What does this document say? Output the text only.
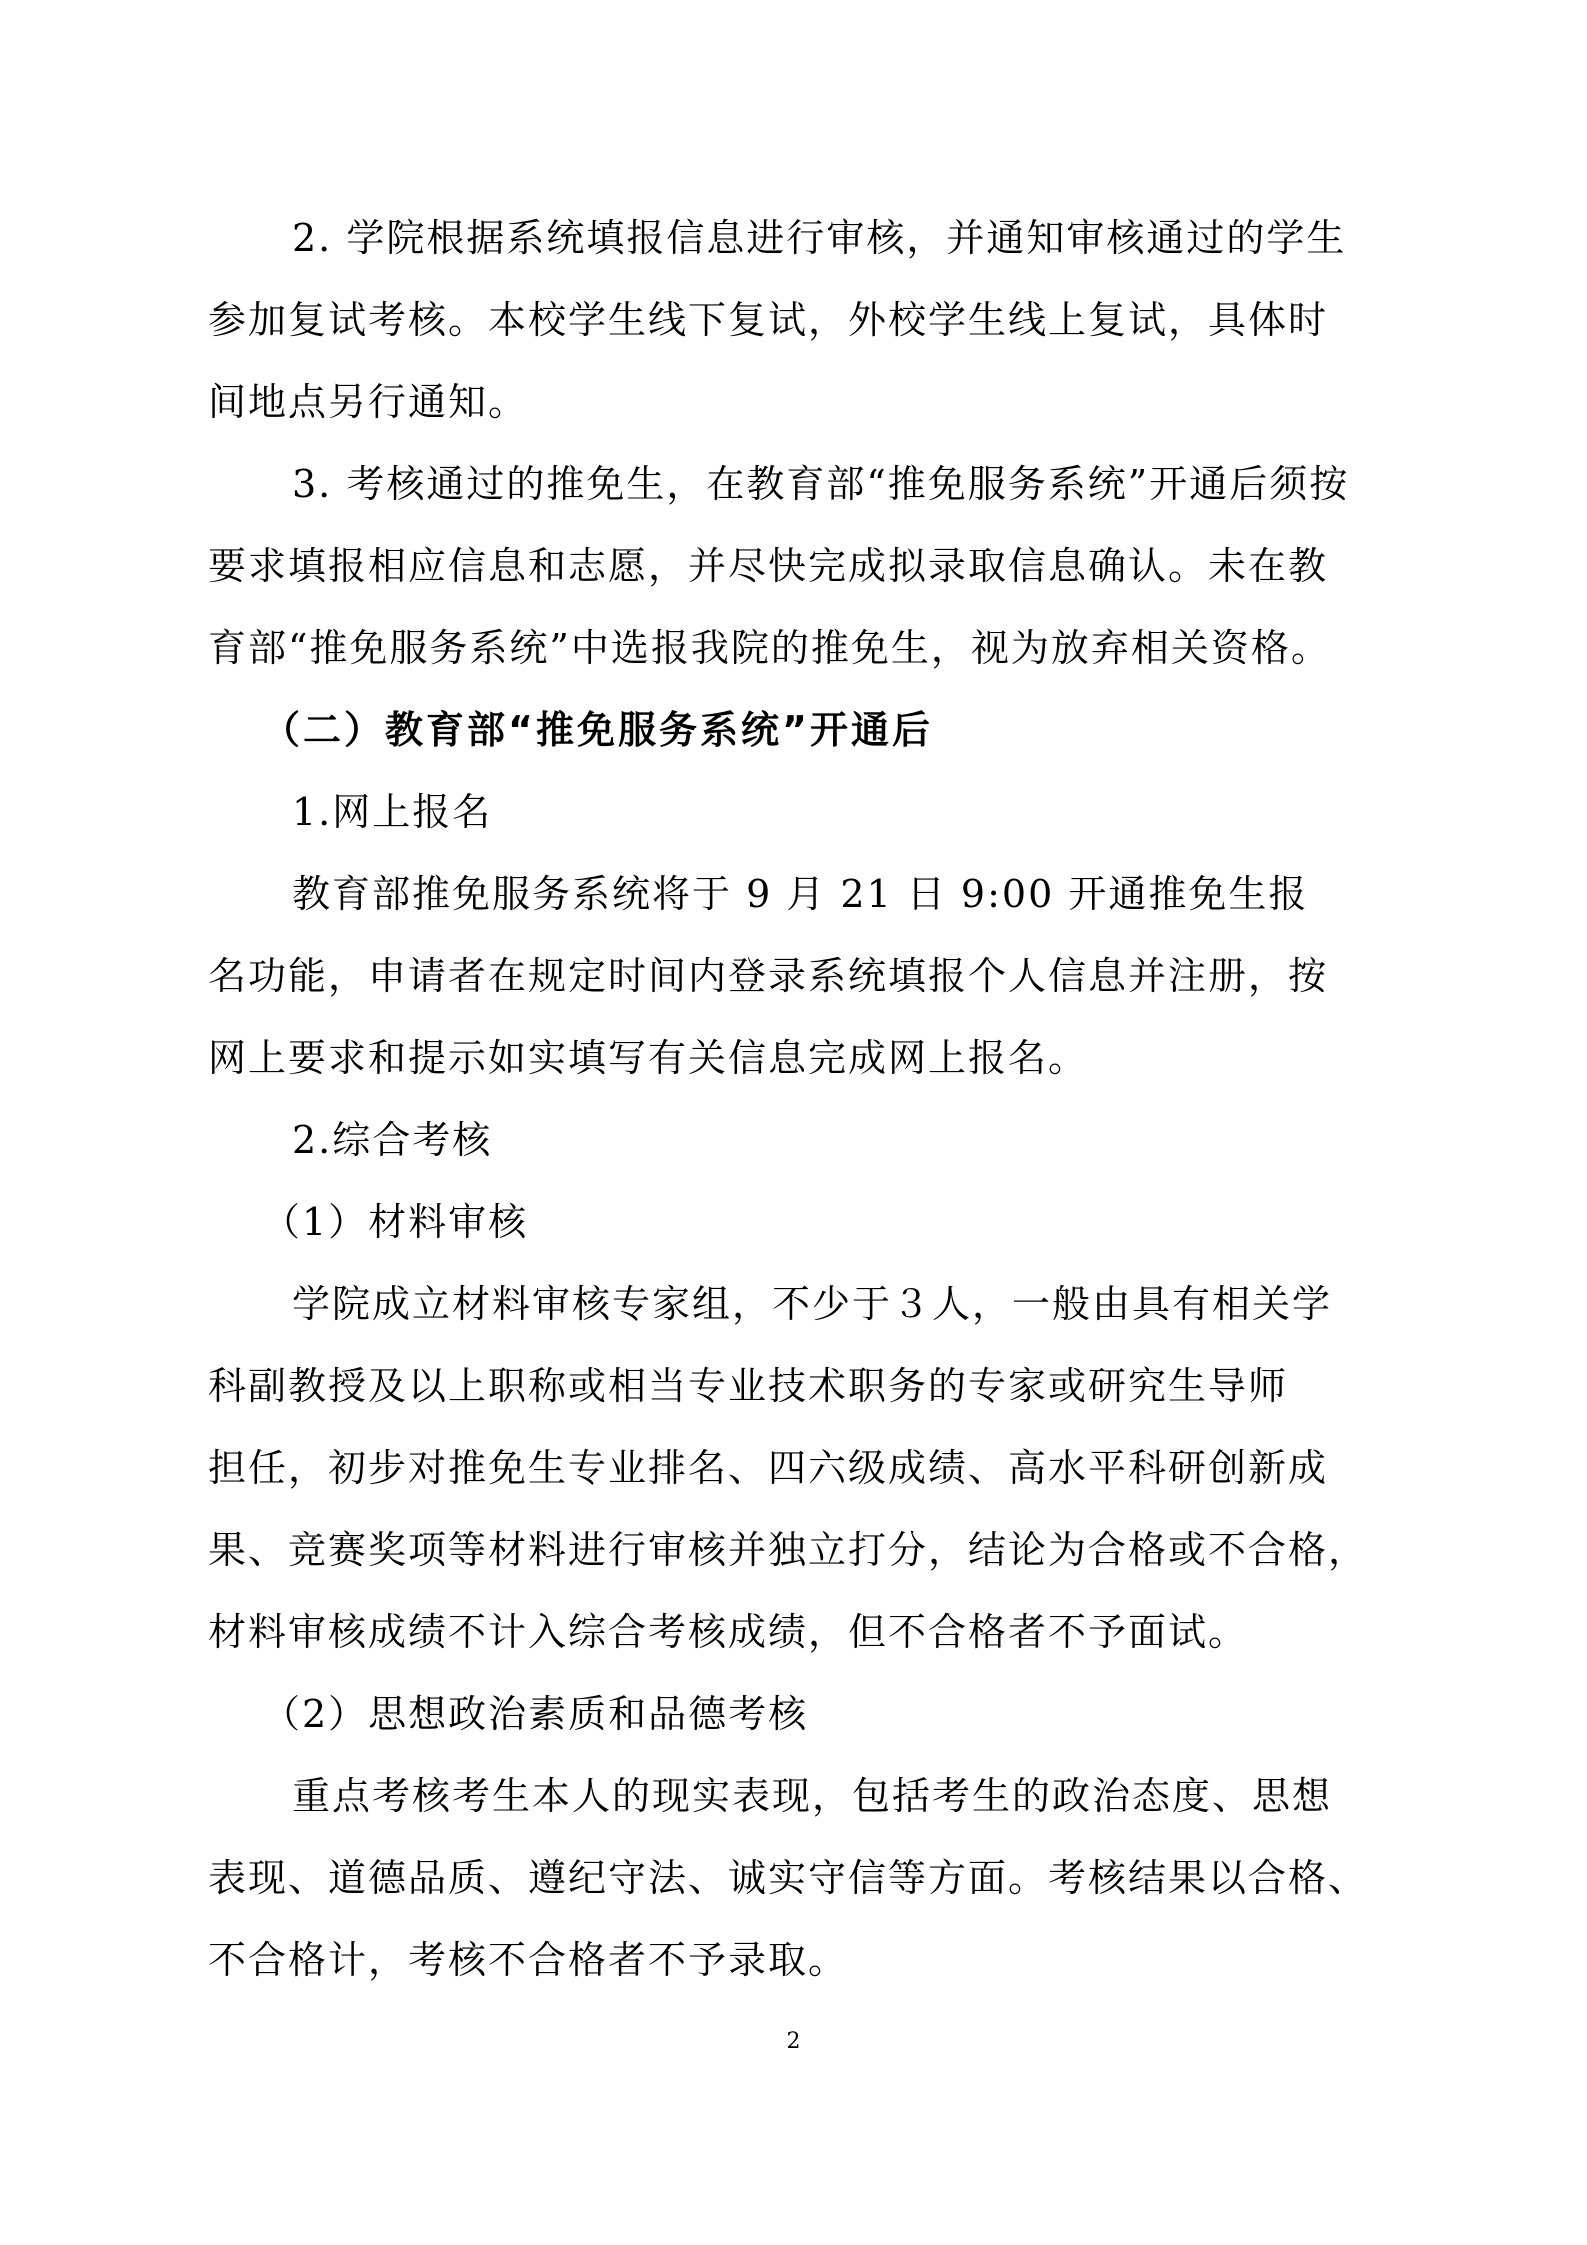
2. 学院根据系统填报信息进行审核，并通知审核通过的学生
参加复试考核。本校学生线下复试，外校学生线上复试，具体时
间地点另行通知。
3. 考核通过的推免生，在教育部“推免服务系统”开通后须按
要求填报相应信息和志愿，并尽快完成拟录取信息确认。未在教
育部“推免服务系统”中选报我院的推免生，视为放弃相关资格。
（二）教育部“推免服务系统”开通后
1.网上报名
教育部推免服务系统将于 9 月 21 日 9:00 开通推免生报
名功能，申请者在规定时间内登录系统填报个人信息并注册，按
网上要求和提示如实填写有关信息完成网上报名。
2.综合考核
（1）材料审核
学院成立材料审核专家组，不少于３人，一般由具有相关学
科副教授及以上职称或相当专业技术职务的专家或研究生导师
担任，初步对推免生专业排名、四六级成绩、高水平科研创新成
果、竞赛奖项等材料进行审核并独立打分，结论为合格或不合格，
材料审核成绩不计入综合考核成绩，但不合格者不予面试。
（2）思想政治素质和品德考核
重点考核考生本人的现实表现，包括考生的政治态度、思想
表现、道德品质、遵纪守法、诚实守信等方面。考核结果以合格、
不合格计，考核不合格者不予录取。
2
